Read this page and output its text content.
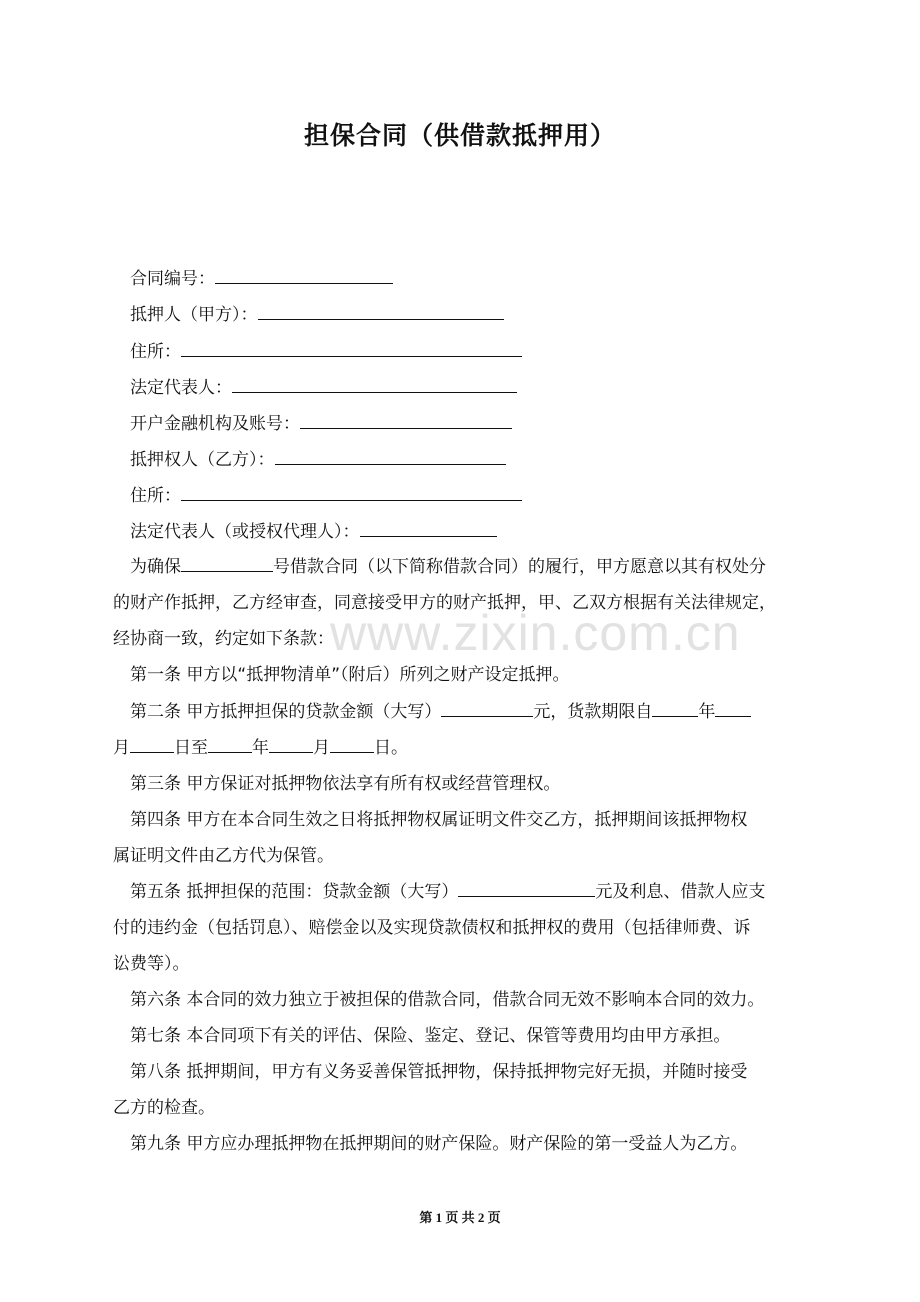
担保合同（供借款抵押用）
合同编号：
抵押人（甲方）：
住所：
法定代表人：
开户金融机构及账号：
抵押权人（乙方）：
住所：
法定代表人（或授权代理人）：
为确保	号借款合同（以下简称借款合同）的履行，甲方愿意以其有权处分
的财产作抵押，乙方经审查，同意接受甲方的财产抵押，甲、乙双方根据有关法律规定，
经协商一致，约定如下条款：
第一条 甲方以“抵押物清单”（附后）所列之财产设定抵押。
第二条 甲方抵押担保的贷款金额（大写）	元，货款期限自	年
月	日至	年	月	日。
第三条 甲方保证对抵押物依法享有所有权或经营管理权。
第四条 甲方在本合同生效之日将抵押物权属证明文件交乙方，抵押期间该抵押物权
属证明文件由乙方代为保管。
第五条 抵押担保的范围：贷款金额（大写）	元及利息、借款人应支
付的违约金（包括罚息）、赔偿金以及实现贷款债权和抵押权的费用（包括律师费、诉
讼费等）。
第六条 本合同的效力独立于被担保的借款合同，借款合同无效不影响本合同的效力。
第七条 本合同项下有关的评估、保险、鉴定、登记、保管等费用均由甲方承担。
第八条 抵押期间，甲方有义务妥善保管抵押物，保持抵押物完好无损，并随时接受
乙方的检查。
第九条 甲方应办理抵押物在抵押期间的财产保险。财产保险的第一受益人为乙方。
www.zixin.com.cn
第 1 页 共 2 页
